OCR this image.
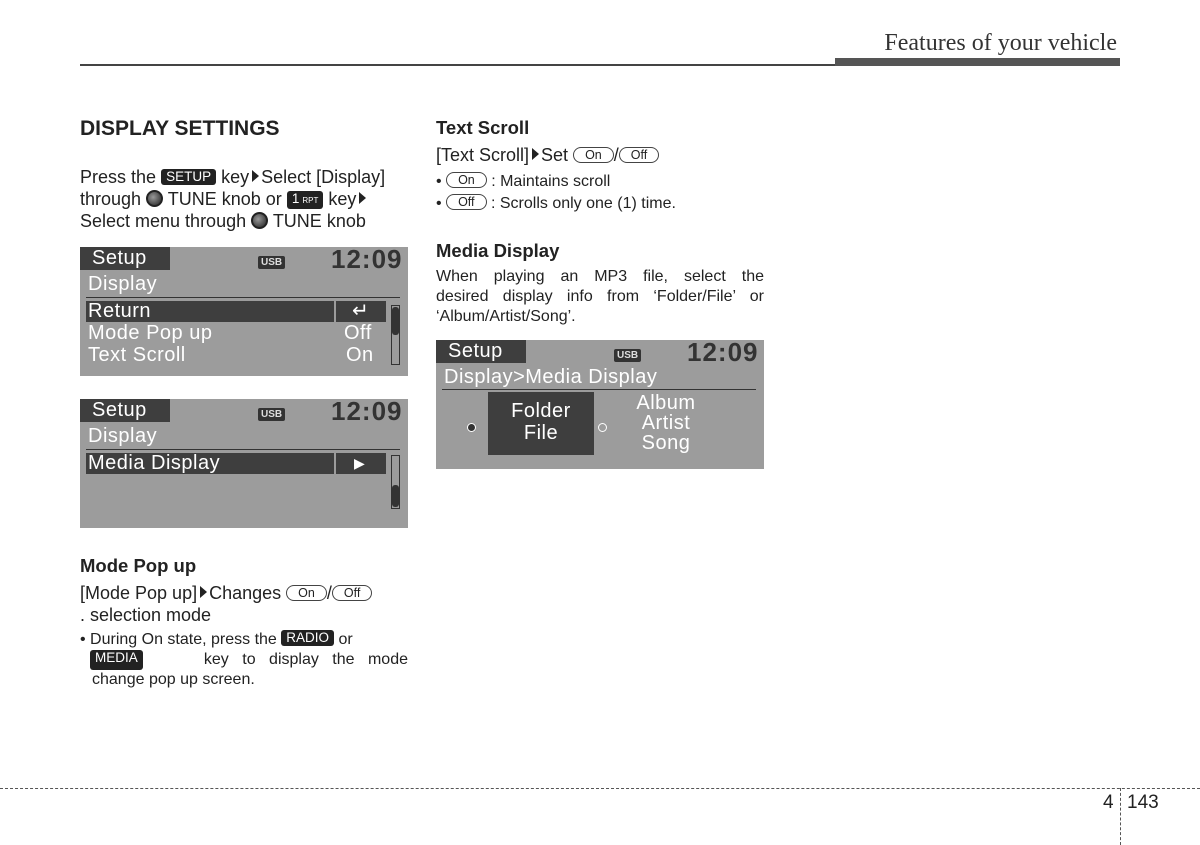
Features of your vehicle
DISPLAY SETTINGS
Press the SETUP key Select [Display]
through TUNE knob or 1 RPT key
Select menu through TUNE knob
Setup	USB 12:09
Display
Return	↵
Mode Pop up	Off
Text Scroll	On
Setup	USB 12:09
Display
Media Display	▶
Mode Pop up
[Mode Pop up] Changes On / Off
. selection mode
• During On state, press the RADIO or
MEDIA	key to display the mode
change pop up screen.
Text Scroll
[Text Scroll] Set On / Off
• On : Maintains scroll
• Off : Scrolls only one (1) time.
Media Display
When playing an MP3 file, select the
desired display info from ‘Folder/File’ or
‘Album/Artist/Song’.
Setup	USB 12:09
Display>Media Display
Folder
File
Album
Artist
Song
4 143
